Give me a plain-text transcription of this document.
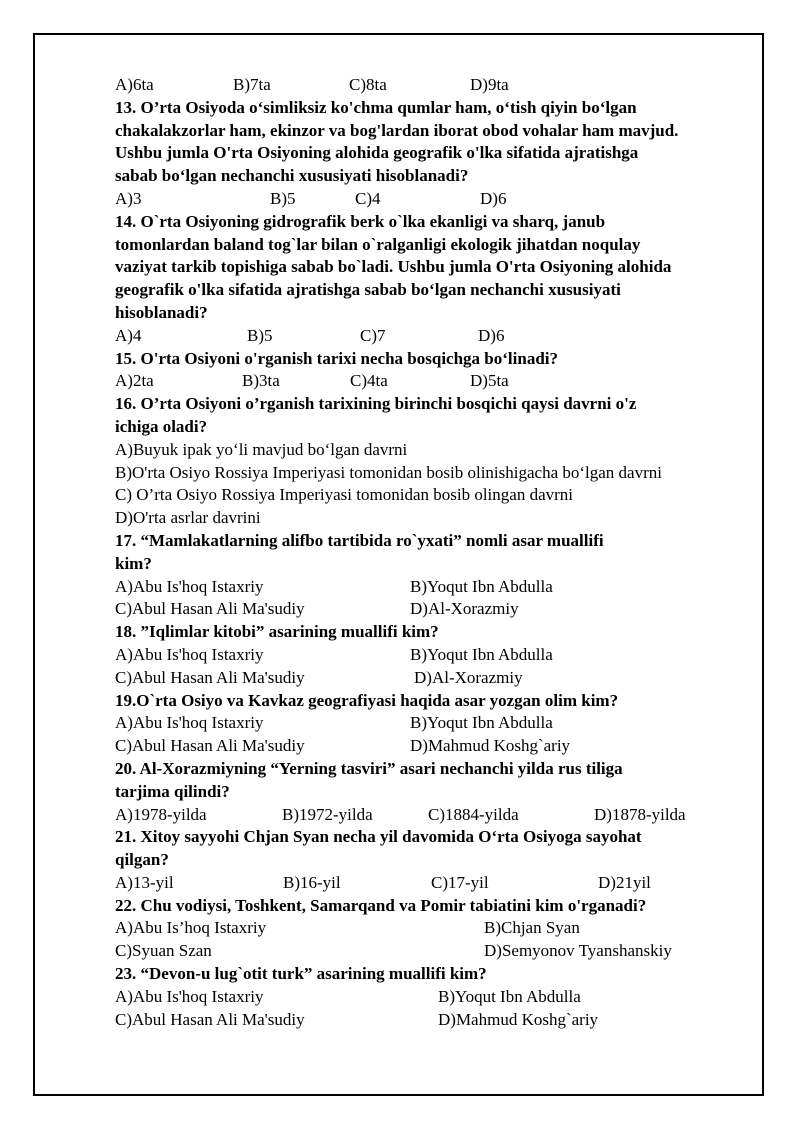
A)6ta	B)7ta	C)8ta	D)9ta
13. O’rta Osiyoda o‘simliksiz ko'chma qumlar ham, o‘tish qiyin bo‘lgan
chakalakzorlar ham, ekinzor va bog'lardan iborat obod vohalar ham mavjud.
Ushbu jumla O'rta Osiyoning alohida geografik o'lka sifatida ajratishga
sabab bo‘lgan nechanchi xususiyati hisoblanadi?
A)3	B)5	C)4	D)6
14. O`rta Osiyoning gidrografik berk o`lka ekanligi va sharq, janub
tomonlardan baland tog`lar bilan o`ralganligi ekologik jihatdan noqulay
vaziyat tarkib topishiga sabab bo`ladi. Ushbu jumla O'rta Osiyoning alohida
geografik o'lka sifatida ajratishga sabab bo‘lgan nechanchi xususiyati
hisoblanadi?
A)4	B)5	C)7	D)6
15. O'rta Osiyoni o'rganish tarixi necha bosqichga bo‘linadi?
A)2ta	B)3ta	C)4ta	D)5ta
16. O’rta Osiyoni o’rganish tarixining birinchi bosqichi qaysi davrni o'z
ichiga oladi?
A)Buyuk ipak yo‘li mavjud bo‘lgan davrni
B)O'rta Osiyo Rossiya Imperiyasi tomonidan bosib olinishigacha bo‘lgan davrni
C) O’rta Osiyo Rossiya Imperiyasi tomonidan bosib olingan davrni
D)O'rta asrlar davrini
17. “Mamlakatlarning alifbo tartibida ro`yxati” nomli asar muallifi
kim?
A)Abu Is'hoq Istaxriy	B)Yoqut Ibn Abdulla
C)Abul Hasan Ali Ma'sudiy	D)Al-Xorazmiy
18. ”Iqlimlar kitobi” asarining muallifi kim?
A)Abu Is'hoq Istaxriy	B)Yoqut Ibn Abdulla
C)Abul Hasan Ali Ma'sudiy	D)Al-Xorazmiy
19.O`rta Osiyo va Kavkaz geografiyasi haqida asar yozgan olim kim?
A)Abu Is'hoq Istaxriy	B)Yoqut Ibn Abdulla
C)Abul Hasan Ali Ma'sudiy	D)Mahmud Koshg`ariy
20. Al-Xorazmiyning “Yerning tasviri” asari nechanchi yilda rus tiliga
tarjima qilindi?
A)1978-yilda	B)1972-yilda	C)1884-yilda	D)1878-yilda
21. Xitoy sayyohi Chjan Syan necha yil davomida O‘rta Osiyoga sayohat
qilgan?
A)13-yil	B)16-yil	C)17-yil	D)21yil
22. Chu vodiysi, Toshkent, Samarqand va Pomir tabiatini kim o'rganadi?
A)Abu Is’hoq Istaxriy	B)Chjan Syan
C)Syuan Szan	D)Semyonov Tyanshanskiy
23. “Devon-u lug`otit turk” asarining muallifi kim?
A)Abu Is'hoq Istaxriy	B)Yoqut Ibn Abdulla
C)Abul Hasan Ali Ma'sudiy	D)Mahmud Koshg`ariy
